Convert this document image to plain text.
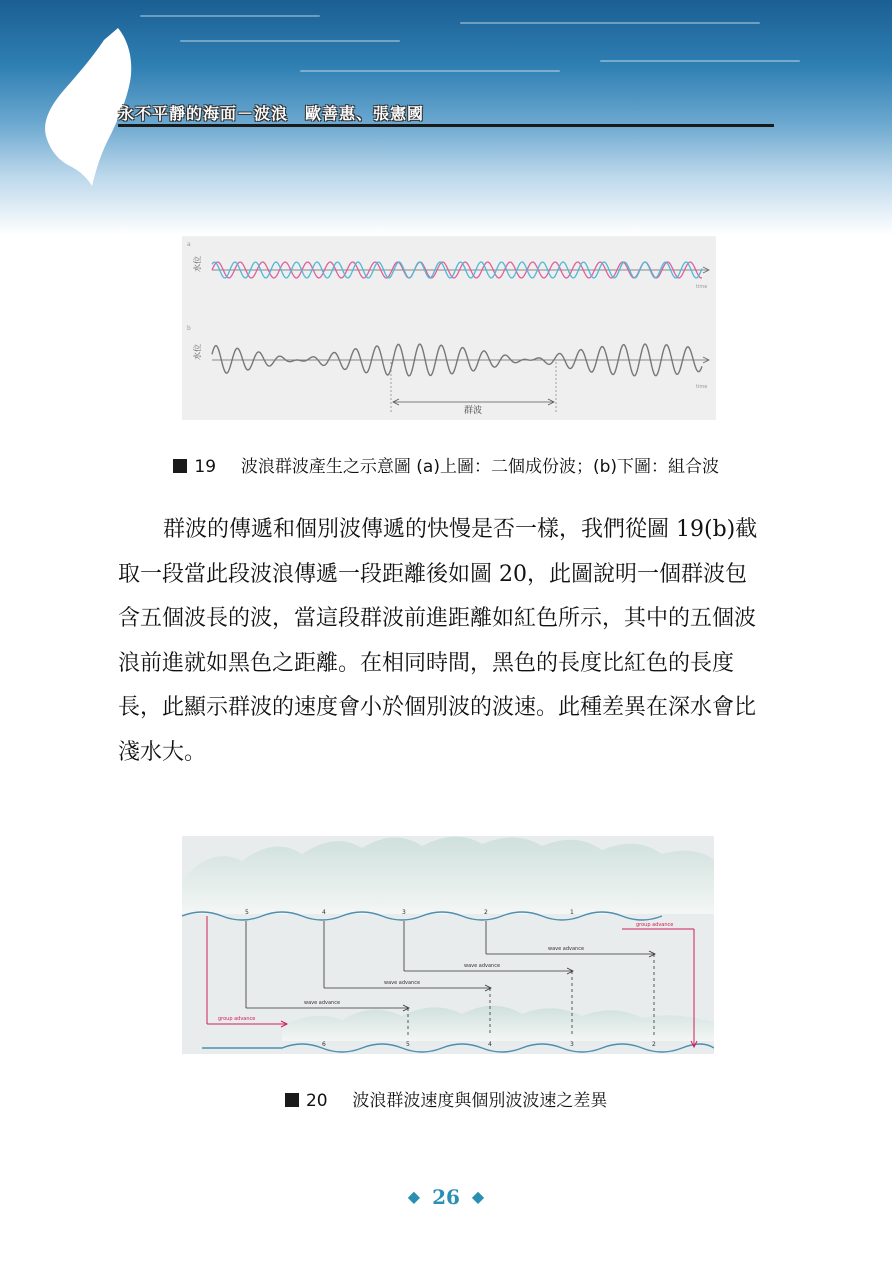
永不平靜的海面－波浪　歐善惠、張憲國
a
b
水位
水位
time
time
群波
19 波浪群波產生之示意圖 (a)上圖：二個成份波；(b)下圖：組合波
群波的傳遞和個別波傳遞的快慢是否一樣，我們從圖 19(b)截
取一段當此段波浪傳遞一段距離後如圖 20，此圖說明一個群波包
含五個波長的波，當這段群波前進距離如紅色所示，其中的五個波
浪前進就如黑色之距離。在相同時間，黑色的長度比紅色的長度
長，此顯示群波的速度會小於個別波的波速。此種差異在深水會比
淺水大。
5	4	3	2	1
6	5	4	3	2
wave advance
wave advance
wave advance
wave advance
group advance
group advance
20 波浪群波速度與個別波波速之差異
◆ 26 ◆
